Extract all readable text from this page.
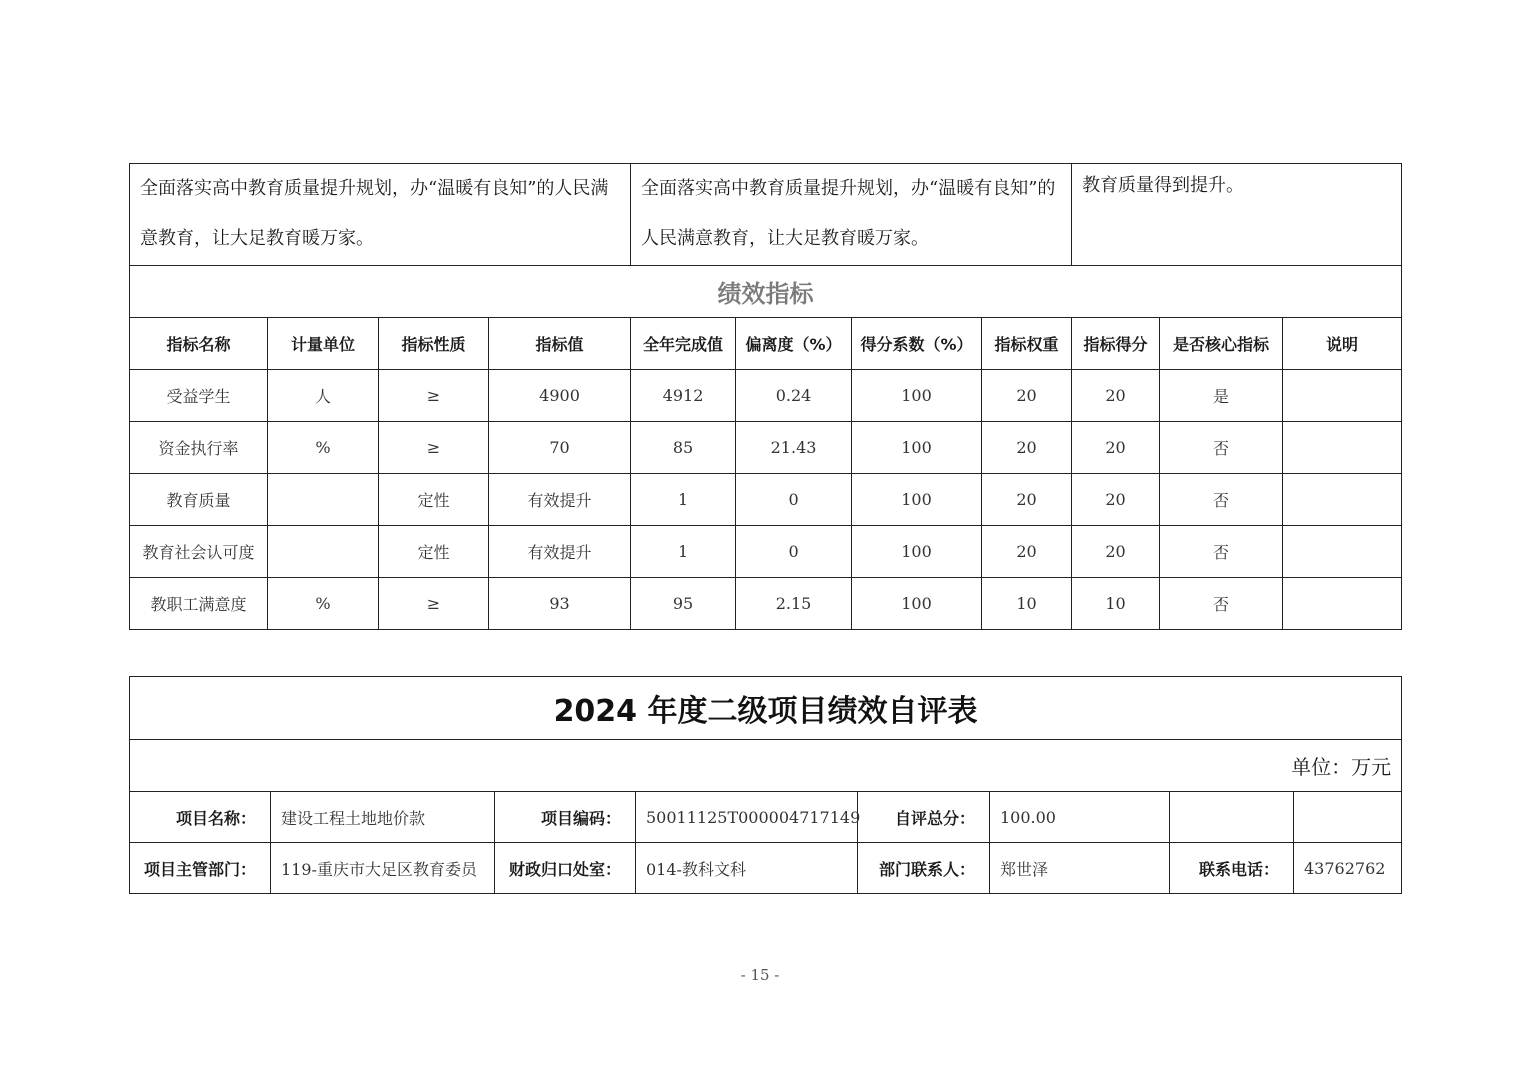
全面落实高中教育质量提升规划，办“温暖有良知”的人民满意教育，让大足教育暖万家。				全面落实高中教育质量提升规划，办“温暖有良知”的人民满意教育，让大足教育暖万家。				教育质量得到提升。		
绩效指标										
指标名称	计量单位	指标性质	指标值	全年完成值	偏离度（%）	得分系数（%）	指标权重	指标得分	是否核心指标	说明
受益学生	人	≥	4900	4912	0.24	100	20	20	是	
资金执行率	%	≥	70	85	21.43	100	20	20	否	
教育质量		定性	有效提升	1	0	100	20	20	否	
教育社会认可度		定性	有效提升	1	0	100	20	20	否	
教职工满意度	%	≥	93	95	2.15	100	10	10	否	
2024 年度二级项目绩效自评表							
单位：万元							
项目名称：	建设工程土地地价款	项目编码：	50011125T000004717149	自评总分：	100.00		
项目主管部门：	119-重庆市大足区教育委员	财政归口处室：	014-教科文科	部门联系人：	郑世泽	联系电话：	43762762
- 15 -
